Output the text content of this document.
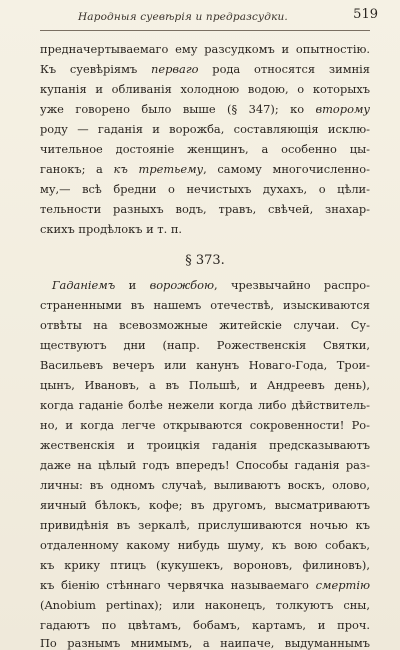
Народныя суевѣрія и предразсудки.	519
предначертываемаго ему разсудкомъ и опытностію.
Къ суевѣріямъ перваго рода относятся зимнія
купанія и обливанія холодною водою, о которыхъ
уже говорено было выше (§ 347); ко второму
роду — гаданія и ворожба, составляющія исклю-
чительное достояніе женщинъ, а особенно цы-
ганокъ; а къ третьему, самому многочисленно-
му,— всѣ бредни о нечистыхъ духахъ, о цѣли-
тельности разныхъ водъ, травъ, свѣчей, знахар-
скихъ продѣлокъ и т. п.
§ 373.
Гаданіемъ и ворожбою, чрезвычайно распро-
страненными въ нашемъ отечествѣ, изыскиваются
отвѣты на всевозможные житейскіе случаи. Су-
ществуютъ дни (напр. Рожественскія Святки,
Васильевъ вечеръ или канунъ Новаго-Года, Трои-
цынъ, Ивановъ, а въ Польшѣ, и Андреевъ день),
когда гаданіе болѣе нежели когда либо дѣйствитель-
но, и когда легче открываются сокровенности! Ро-
жественскія и троицкія гаданія предсказываютъ
даже на цѣлый годъ впередъ! Способы гаданія раз-
личны: въ одномъ случаѣ, выливаютъ воскъ, олово,
яичный бѣлокъ, кофе; въ другомъ, высматриваютъ
привидѣнія въ зеркалѣ, прислушиваются ночью къ
отдаленному какому нибудь шуму, къ вою собакъ,
къ крику птицъ (кукушекъ, вороновъ, филиновъ),
къ біенію стѣннаго червячка называемаго смертію
(Anobium pertinax); или наконецъ, толкуютъ сны,
гадаютъ по цвѣтамъ, бобамъ, картамъ, и проч.
По разнымъ мнимымъ, а наипаче, выдуманнымъ
